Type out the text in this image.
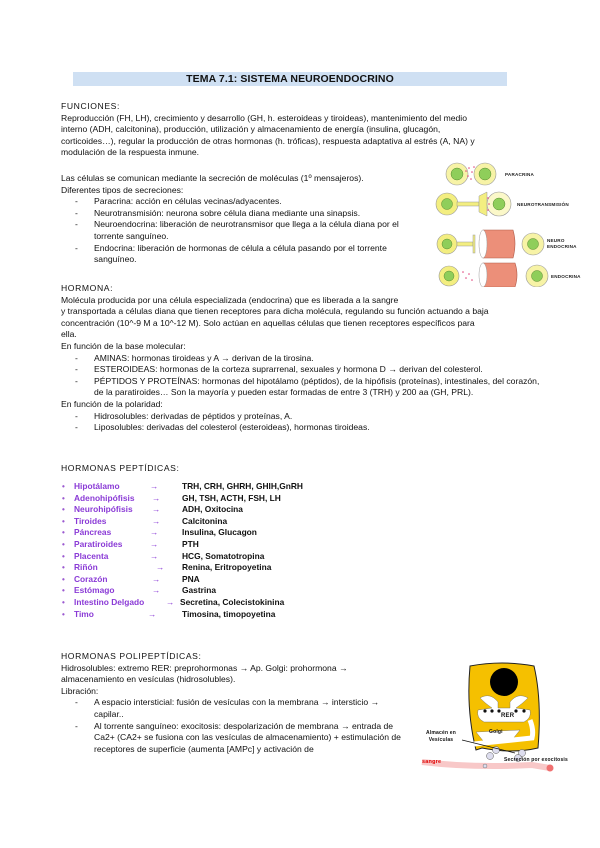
TEMA 7.1: SISTEMA NEUROENDOCRINO
FUNCIONES:
Reproducción (FH, LH), crecimiento y desarrollo (GH, h. esteroideas y tiroideas), mantenimiento del medio
interno (ADH, calcitonina), producción, utilización y almacenamiento de energía (insulina, glucagón,
corticoides…), regular la producción de otras hormonas (h. tróficas), respuesta adaptativa al estrés (A, NA) y
modulación de la respuesta inmune.
Las células se comunican mediante la secreción de moléculas (1º mensajeros).
Diferentes tipos de secreciones:
- Paracrina: acción en células vecinas/adyacentes.
- Neurotransmisión: neurona sobre célula diana mediante una sinapsis.
- Neuroendocrina: liberación de neurotransmisor que llega a la célula diana por el torrente sanguíneo.
- Endocrina: liberación de hormonas de célula a célula pasando por el torrente sanguíneo.
PARACRINA
NEUROTRANSMISIÓN
NEURO ENDOCRINA
ENDOCRINA
HORMONA:
Molécula producida por una célula especializada (endocrina) que es liberada a la sangre
y transportada a células diana que tienen receptores para dicha molécula, regulando su función actuando a baja
concentración (10^-9 M a 10^-12 M). Solo actúan en aquellas células que tienen receptores específicos para
ella.
En función de la base molecular:
- AMINAS: hormonas tiroideas y A → derivan de la tirosina.
- ESTEROIDEAS: hormonas de la corteza suprarrenal, sexuales y hormona D → derivan del colesterol.
- PÉPTIDOS Y PROTEÍNAS: hormonas del hipotálamo (péptidos), de la hipófisis (proteínas), intestinales, del corazón, de la paratiroides… Son la mayoría y pueden estar formadas de entre 3 (TRH) y 200 aa (GH, PRL).
En función de la polaridad:
- Hidrosolubles: derivadas de péptidos y proteínas, A.
- Liposolubles: derivadas del colesterol (esteroideas), hormonas tiroideas.
HORMONAS PEPTÍDICAS:
•	Hipotálamo	→	TRH, CRH, GHRH, GHIH,GnRH
•	Adenohipófisis →	GH, TSH, ACTH, FSH, LH
•	Neurohipófisis →	ADH, Oxitocina
•	Tiroides	→	Calcitonina
•	Páncreas	→	Insulina, Glucagon
•	Paratiroides	→	PTH
•	Placenta	→	HCG, Somatotropina
•	Riñón	→ Renina, Eritropoyetina
•	Corazón	→	PNA
•	Estómago	→	Gastrina
•	Intestino Delgado	→ Secretina, Colecistokinina
•	Timo	→	Timosina, timopoyetina
HORMONAS POLIPEPTÍDICAS:
Hidrosolubles: extremo RER: preprohormonas → Ap. Golgi: prohormona →
almacenamiento en vesículas (hidrosolubles).
Libración:
- A espacio intersticial: fusión de vesículas con la membrana → intersticio → capilar..
- Al torrente sanguíneo: exocitosis: despolarización de membrana → entrada de Ca2+ (CA2+ se fusiona con las vesículas de almacenamiento) + estimulación de receptores de superficie (aumenta [AMPc] y activación de
RER
Golgi
Almacén en Vesículas
sangre	Secreción por exocitosis
